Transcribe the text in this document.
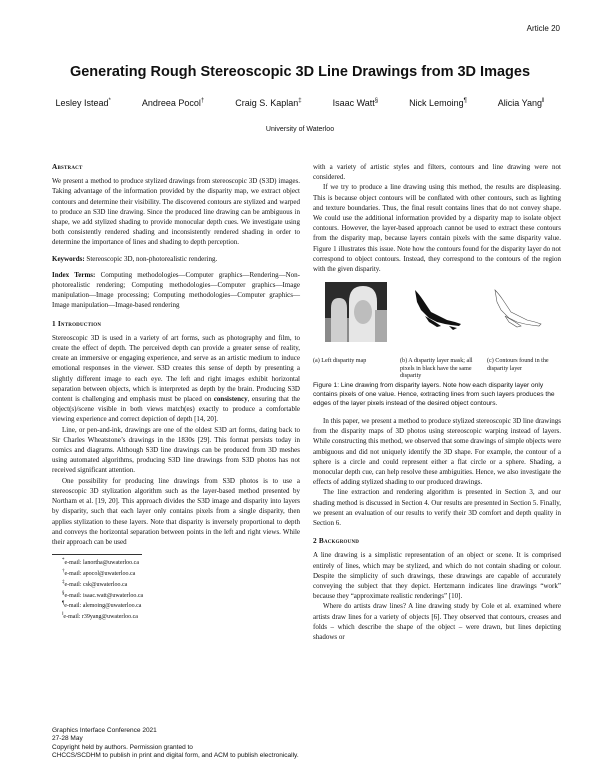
Article 20
Generating Rough Stereoscopic 3D Line Drawings from 3D Images
Lesley Istead*	Andreea Pocol†	Craig S. Kaplan‡	Isaac Watt§	Nick Lemoing¶	Alicia Yang‖
University of Waterloo

Abstract

We present a method to produce stylized drawings from stereoscopic 3D (S3D) images. Taking advantage of the information provided by the disparity map, we extract object contours and determine their visibility. The discovered contours are stylized and warped to produce an S3D line drawing. Since the produced line drawing can be ambiguous in shape, we add stylized shading to provide monocular depth cues. We investigate using both consistently rendered shading and inconsistently rendered shading in order to determine the importance of lines and shading to depth perception.

Keywords: Stereoscopic 3D, non-photorealistic rendering.

Index Terms: Computing methodologies—Computer graphics—Rendering—Non-photorealistic rendering; Computing methodologies—Computer graphics—Image manipulation—Image processing; Computing methodologies—Computer graphics—Image manipulation—Image-based rendering

1 Introduction

Stereoscopic 3D is used in a variety of art forms, such as photography and film, to create the effect of depth. The perceived depth can provide a greater sense of reality, create an immersive or engaging experience, and serve as an artistic medium to induce emotional responses in the viewer. S3D creates this sense of depth by presenting a slightly different image to each eye. The left and right images exhibit horizontal separation between objects, which is interpreted as depth by the brain. Producing S3D content is challenging and emphasis must be placed on consistency, ensuring that the object(s)/scene visible in both views match(es) exactly to produce a comfortable viewing experience and correct depiction of depth [14, 20].

Line, or pen-and-ink, drawings are one of the oldest S3D art forms, dating back to Sir Charles Wheatstone’s drawings in the 1830s [29]. This format persists today in comics and diagrams. Although S3D line drawings can be produced from 3D meshes using automated algorithms, producing S3D line drawings from S3D photos has not received significant attention.

One possibility for producing line drawings from S3D photos is to use a stereoscopic 3D stylization algorithm such as the layer-based method presented by Northam et al. [19, 20]. This approach divides the S3D image and disparity into layers by disparity, such that each layer only contains pixels from a single disparity, then applies stylization to these layers. Note that disparity is inversely proportional to depth and conveys the horizontal separation between points in the left and right views. While their approach can be used

*e-mail: lanortha@uwaterloo.ca
†e-mail: apocol@uwaterloo.ca
‡e-mail: csk@uwaterloo.ca
§e-mail: isaac.watt@uwaterloo.ca
¶e-mail: alemoing@uwaterloo.ca
‖e-mail: r39yang@uwaterloo.ca

with a variety of artistic styles and filters, contours and line drawing were not considered.

If we try to produce a line drawing using this method, the results are displeasing. This is because object contours will be conflated with other contours, such as lighting and texture boundaries. Thus, the final result contains lines that do not convey shape. We could use the additional information provided by a disparity map to isolate object contours. However, the layer-based approach cannot be used to extract these contours from the disparity map, because layers contain pixels with the same disparity value. Figure 1 illustrates this issue. Note how the contours found for the disparity layer do not correspond to object contours. Instead, they correspond to the contours of the region with the given disparity.

(a) Left disparity map	(b) A disparity layer mask; all pixels in black have the same disparity
(c) Contours found in the disparity layer

Figure 1: Line drawing from disparity layers. Note how each disparity layer only contains pixels of one value. Hence, extracting lines from such layers produces the edges of the layer pixels instead of the desired object contours.

In this paper, we present a method to produce stylized stereoscopic 3D line drawings from the disparity maps of 3D photos using stereoscopic warping instead of layers. While constructing this method, we observed that some drawings of simple objects were ambiguous and did not uniquely identify the 3D shape. For example, the contour of a sphere is a circle and could represent either a flat circle or a sphere. Shading, a monocular depth cue, can help resolve these ambiguities. Hence, we also investigate the effects of adding stylized shading to our produced drawings.

The line extraction and rendering algorithm is presented in Section 3, and our shading method is discussed in Section 4. Our results are presented in Section 5. Finally, we present an evaluation of our results to verify their 3D comfort and depth quality in Section 6.

2 Background

A line drawing is a simplistic representation of an object or scene. It is comprised entirely of lines, which may be stylized, and which do not contain shading or colour. Despite the simplicity of such drawings, these drawings are capable of accurately conveying the subject that they depict. Hertzmann indicates line drawings “work” because they “approximate realistic renderings” [10].

Where do artists draw lines? A line drawing study by Cole et al. examined where artists draw lines for a variety of objects [6]. They observed that contours, creases and folds – which describe the shape of the object – were drawn, but lines depicting shadows or

Graphics Interface Conference 2021
27-28 May
Copyright held by authors. Permission granted to
CHCCS/SCDHM to publish in print and digital form, and ACM to publish electronically.
